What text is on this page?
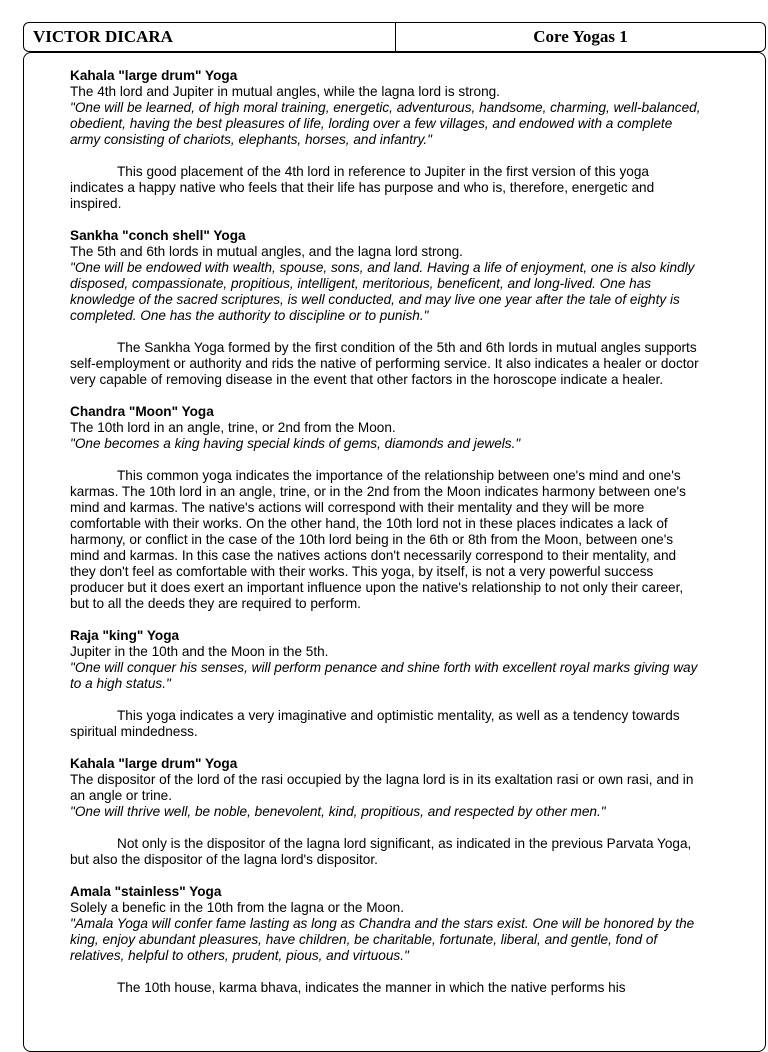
VICTOR DICARA	Core Yogas 1

Kahala "large drum" Yoga

The 4th lord and Jupiter in mutual angles, while the lagna lord is strong.

"One will be learned, of high moral training, energetic, adventurous, handsome, charming, well-balanced, obedient, having the best pleasures of life, lording over a few villages, and endowed with a complete army consisting of chariots, elephants, horses, and infantry."

This good placement of the 4th lord in reference to Jupiter in the first version of this yoga indicates a happy native who feels that their life has purpose and who is, therefore, energetic and inspired.

Sankha "conch shell" Yoga

The 5th and 6th lords in mutual angles, and the lagna lord strong.

"One will be endowed with wealth, spouse, sons, and land. Having a life of enjoyment, one is also kindly disposed, compassionate, propitious, intelligent, meritorious, beneficent, and long-lived. One has knowledge of the sacred scriptures, is well conducted, and may live one year after the tale of eighty is completed. One has the authority to discipline or to punish."

The Sankha Yoga formed by the first condition of the 5th and 6th lords in mutual angles supports self-employment or authority and rids the native of performing service. It also indicates a healer or doctor very capable of removing disease in the event that other factors in the horoscope indicate a healer.

Chandra "Moon" Yoga

The 10th lord in an angle, trine, or 2nd from the Moon.

"One becomes a king having special kinds of gems, diamonds and jewels."

This common yoga indicates the importance of the relationship between one's mind and one's karmas. The 10th lord in an angle, trine, or in the 2nd from the Moon indicates harmony between one's mind and karmas. The native's actions will correspond with their mentality and they will be more comfortable with their works. On the other hand, the 10th lord not in these places indicates a lack of harmony, or conflict in the case of the 10th lord being in the 6th or 8th from the Moon, between one's mind and karmas. In this case the natives actions don't necessarily correspond to their mentality, and they don't feel as comfortable with their works. This yoga, by itself, is not a very powerful success producer but it does exert an important influence upon the native's relationship to not only their career, but to all the deeds they are required to perform.

Raja "king" Yoga

Jupiter in the 10th and the Moon in the 5th.

"One will conquer his senses, will perform penance and shine forth with excellent royal marks giving way to a high status."

This yoga indicates a very imaginative and optimistic mentality, as well as a tendency towards spiritual mindedness.

Kahala "large drum" Yoga

The dispositor of the lord of the rasi occupied by the lagna lord is in its exaltation rasi or own rasi, and in an angle or trine.

"One will thrive well, be noble, benevolent, kind, propitious, and respected by other men."

Not only is the dispositor of the lagna lord significant, as indicated in the previous Parvata Yoga, but also the dispositor of the lagna lord's dispositor.

Amala "stainless" Yoga

Solely a benefic in the 10th from the lagna or the Moon.

"Amala Yoga will confer fame lasting as long as Chandra and the stars exist. One will be honored by the king, enjoy abundant pleasures, have children, be charitable, fortunate, liberal, and gentle, fond of relatives, helpful to others, prudent, pious, and virtuous."

The 10th house, karma bhava, indicates the manner in which the native performs his
